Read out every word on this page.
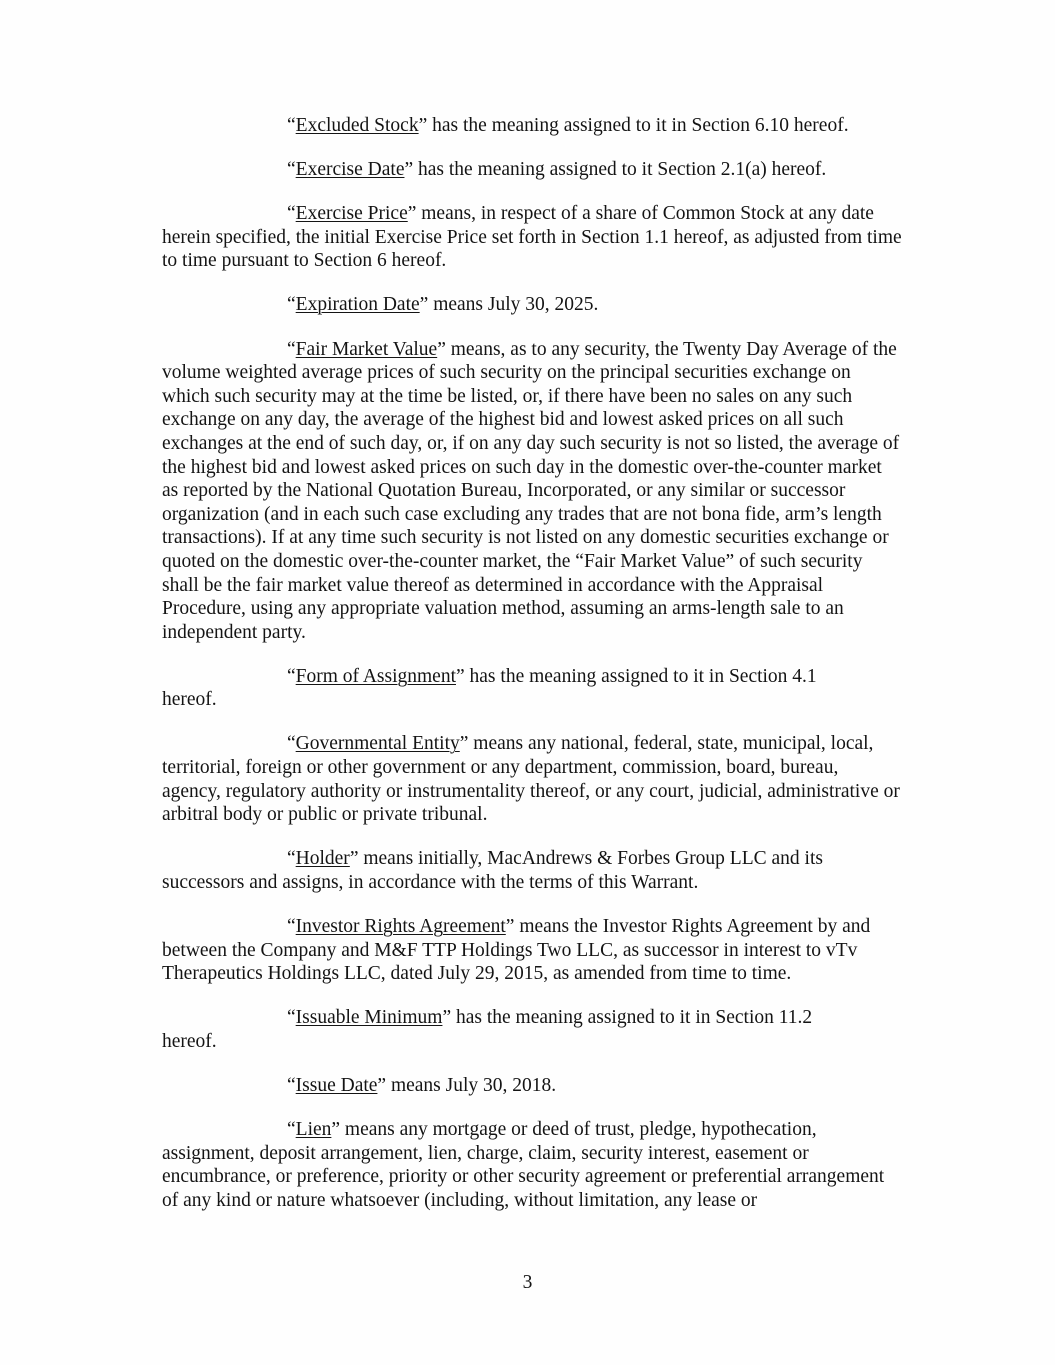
“Excluded Stock” has the meaning assigned to it in Section 6.10 hereof.

“Exercise Date” has the meaning assigned to it Section 2.1(a) hereof.

“Exercise Price” means, in respect of a share of Common Stock at any date herein specified, the initial Exercise Price set forth in Section 1.1 hereof, as adjusted from time to time pursuant to Section 6 hereof.

“Expiration Date” means July 30, 2025.

“Fair Market Value” means, as to any security, the Twenty Day Average of the volume weighted average prices of such security on the principal securities exchange on which such security may at the time be listed, or, if there have been no sales on any such exchange on any day, the average of the highest bid and lowest asked prices on all such exchanges at the end of such day, or, if on any day such security is not so listed, the average of the highest bid and lowest asked prices on such day in the domestic over-the-counter market as reported by the National Quotation Bureau, Incorporated, or any similar or successor organization (and in each such case excluding any trades that are not bona fide, arm’s length transactions). If at any time such security is not listed on any domestic securities exchange or quoted on the domestic over-the-counter market, the “Fair Market Value” of such security shall be the fair market value thereof as determined in accordance with the Appraisal Procedure, using any appropriate valuation method, assuming an arms-length sale to an independent party.

“Form of Assignment” has the meaning assigned to it in Section 4.1

hereof.

“Governmental Entity” means any national, federal, state, municipal, local, territorial, foreign or other government or any department, commission, board, bureau, agency, regulatory authority or instrumentality thereof, or any court, judicial, administrative or arbitral body or public or private tribunal.

“Holder” means initially, MacAndrews & Forbes Group LLC and its successors and assigns, in accordance with the terms of this Warrant.

“Investor Rights Agreement” means the Investor Rights Agreement by and between the Company and M&F TTP Holdings Two LLC, as successor in interest to vTv Therapeutics Holdings LLC, dated July 29, 2015, as amended from time to time.

“Issuable Minimum” has the meaning assigned to it in Section 11.2

hereof.

“Issue Date” means July 30, 2018.

“Lien” means any mortgage or deed of trust, pledge, hypothecation, assignment, deposit arrangement, lien, charge, claim, security interest, easement or encumbrance, or preference, priority or other security agreement or preferential arrangement of any kind or nature whatsoever (including, without limitation, any lease or

3
